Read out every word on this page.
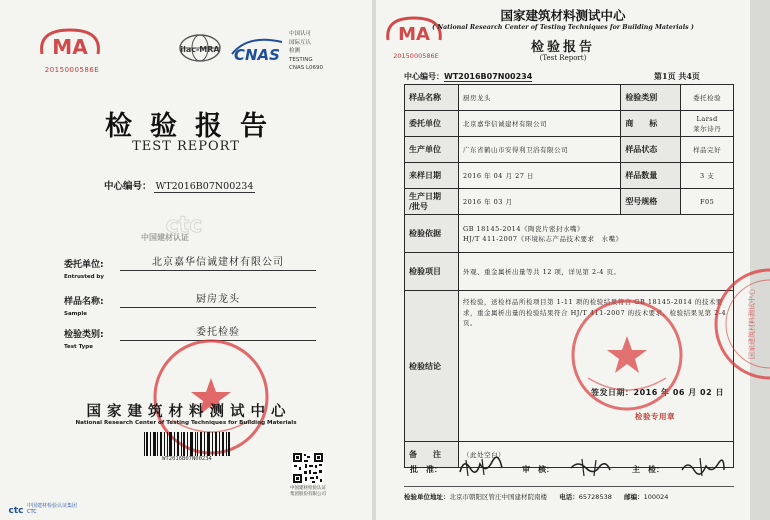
MA
2015000586E
ilac-MRA CNAS
中国认可
国际互认
检测
TESTING
CNAS L0690
检验报告
TEST REPORT
中心编号： WT2016B07N00234
ctc
中国建材认证
委托单位:
Entrusted by
北京嘉华信诚建材有限公司
样品名称:
Sample
厨房龙头
检验类别:
Test Type
委托检验
国家建筑材料测试中心
National Research Center of Testing Techniques for Building Materials
WT2016B07N00234
中国建材检验认证
集团股份有限公司
ctc 中国建材检验认证集团
CTC
MA
2015000586E
国家建筑材料测试中心
( National Research Center of Testing Techniques for Building Materials )
检验报告
(Test Report)
中心编号：WT2016B07N00234	第1页 共4页
样品名称	厨房龙头	检验类别	委托检验
委托单位	北京嘉华信诚建材有限公司	商　　标	Larsd
莱尔诗丹

生产单位	广东省鹤山市安得利卫浴有限公司	样品状态	样品完好
来样日期	2016 年 04 月 27 日	样品数量	3 支

生产日期
/批号	2016 年 03 月	型号规格	F05
检验依据	GB 18145-2014《陶瓷片密封水嘴》
HJ/T 411-2007《环境标志产品技术要求　水嘴》		

检验项目	外观、重金属析出量等共 12 项，详见第 2-4 页。		
检验结论	经检验，送检样品所检项目第 1-11 项的检验结果符合 GB 18145-2014 的技术要求，重金属析出量的检验结果符合 HJ/T 411-2007 的技术要求。检验结果见第 2-4 页。
签发日期：2016 年 06 月 02 日
检验专用章		

备　　注	（此处空白）		
国家建筑材料测试中心
批　准：	审　核：	主　检：
检验单位地址：北京市朝阳区管庄中国建材院南楼 电话：65728538 邮编：100024
